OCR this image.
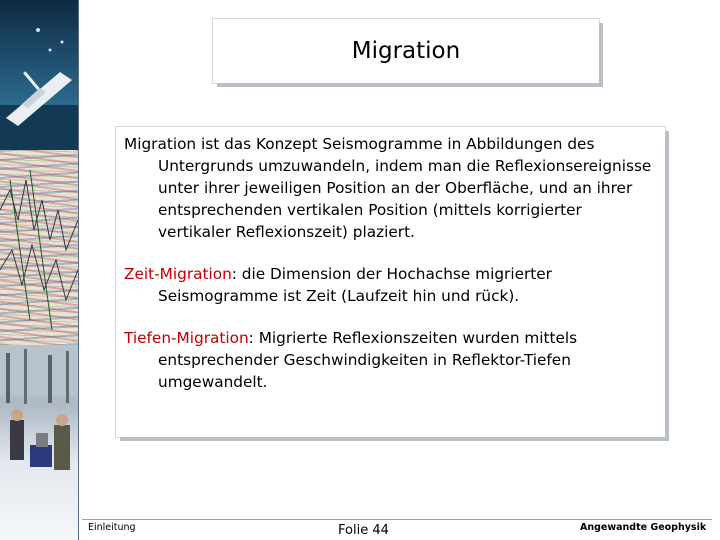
Migration

Migration ist das Konzept Seismogramme in Abbildungen des Untergrunds umzuwandeln, indem man die Reflexionsereignisse unter ihrer jeweiligen Position an der Oberfläche, und an ihrer entsprechenden vertikalen Position (mittels korrigierter vertikaler Reflexionszeit) plaziert.

Zeit-Migration: die Dimension der Hochachse migrierter Seismogramme ist Zeit (Laufzeit hin und rück).

Tiefen-Migration: Migrierte Reflexionszeiten wurden mittels entsprechender Geschwindigkeiten in Reflektor-Tiefen umgewandelt.

Einleitung	Folie 44	Angewandte Geophysik
